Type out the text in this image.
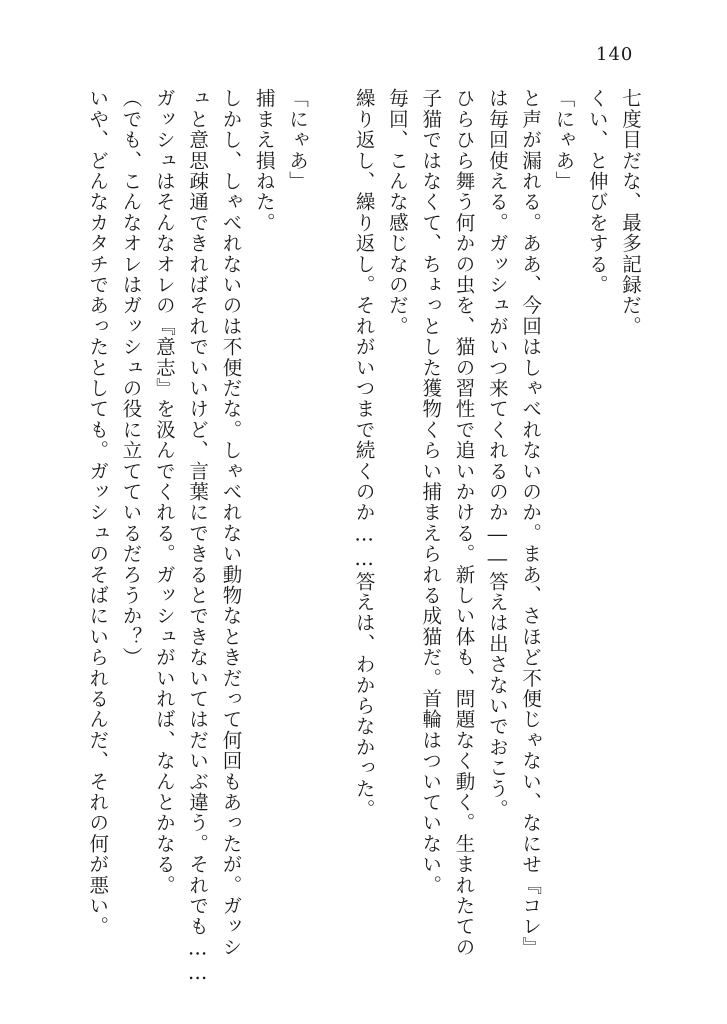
140
七度目だな、最多記録だ。
くい、と伸びをする。
「にゃあ」
と声が漏れる。ああ、今回はしゃべれないのか。まあ、さほど不便じゃない、なにせ『コレ』
は毎回使える。ガッシュがいつ来てくれるのか――答えは出さないでおこう。
ひらひら舞う何かの虫を、猫の習性で追いかける。新しい体も、問題なく動く。生まれたての
子猫ではなくて、ちょっとした獲物くらい捕まえられる成猫だ。首輪はついていない。
毎回、こんな感じなのだ。
繰り返し、繰り返し。それがいつまで続くのか……答えは、わからなかった。
「にゃあ」
捕まえ損ねた。
しかし、しゃべれないのは不便だな。しゃべれない動物なときだって何回もあったが。ガッシ
ュと意思疎通できればそれでいいけど、言葉にできるとできないてはだいぶ違う。それでも……
ガッシュはそんなオレの『意志』を汲んでくれる。ガッシュがいれば、なんとかなる。
（でも、こんなオレはガッシュの役に立てているだろうか？）
いや、どんなカタチであったとしても。ガッシュのそばにいられるんだ、それの何が悪い。
